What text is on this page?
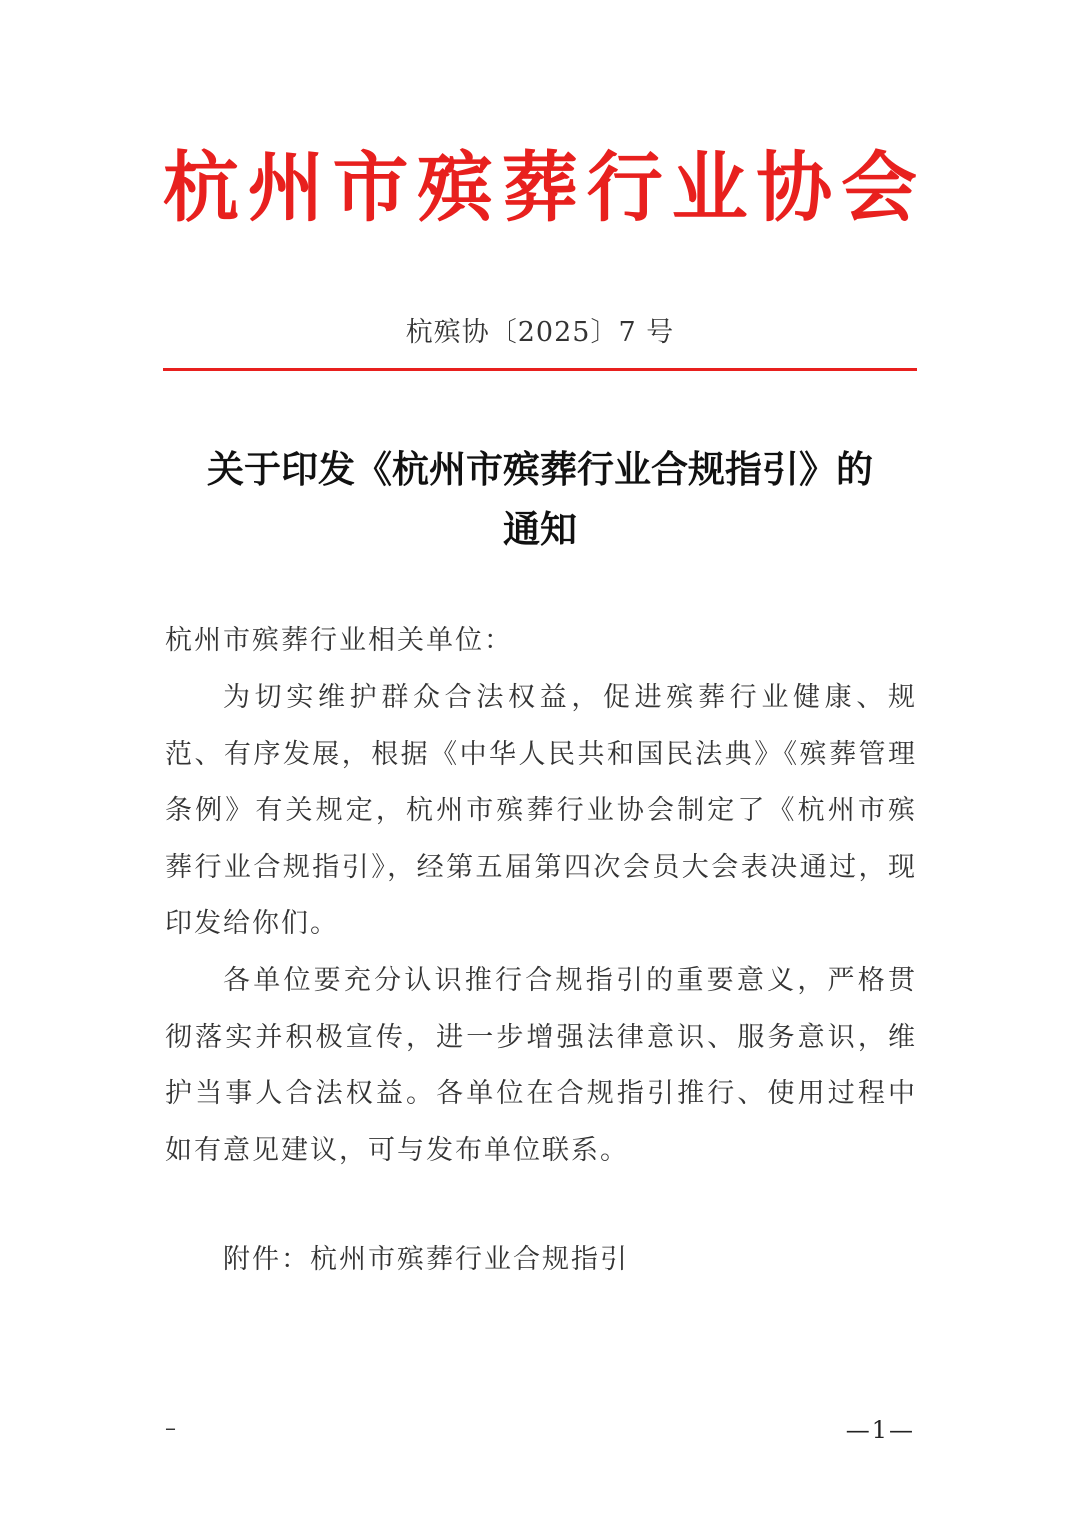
杭 州 市 殡 葬 行 业 协 会
杭殡协〔2025〕7 号
关于印发《杭州市殡葬行业合规指引》的
通知
杭州市殡葬行业相关单位：
为切实维护群众合法权益，促进殡葬行业健康、规范、有序发展，根据《中华人民共和国民法典》《殡葬管理条例》有关规定，杭州市殡葬行业协会制定了《杭州市殡葬行业合规指引》，经第五届第四次会员大会表决通过，现印发给你们。
各单位要充分认识推行合规指引的重要意义，严格贯彻落实并积极宣传，进一步增强法律意识、服务意识，维护当事人合法权益。各单位在合规指引推行、使用过程中如有意见建议，可与发布单位联系。
附件：杭州市殡葬行业合规指引
–	—1—
